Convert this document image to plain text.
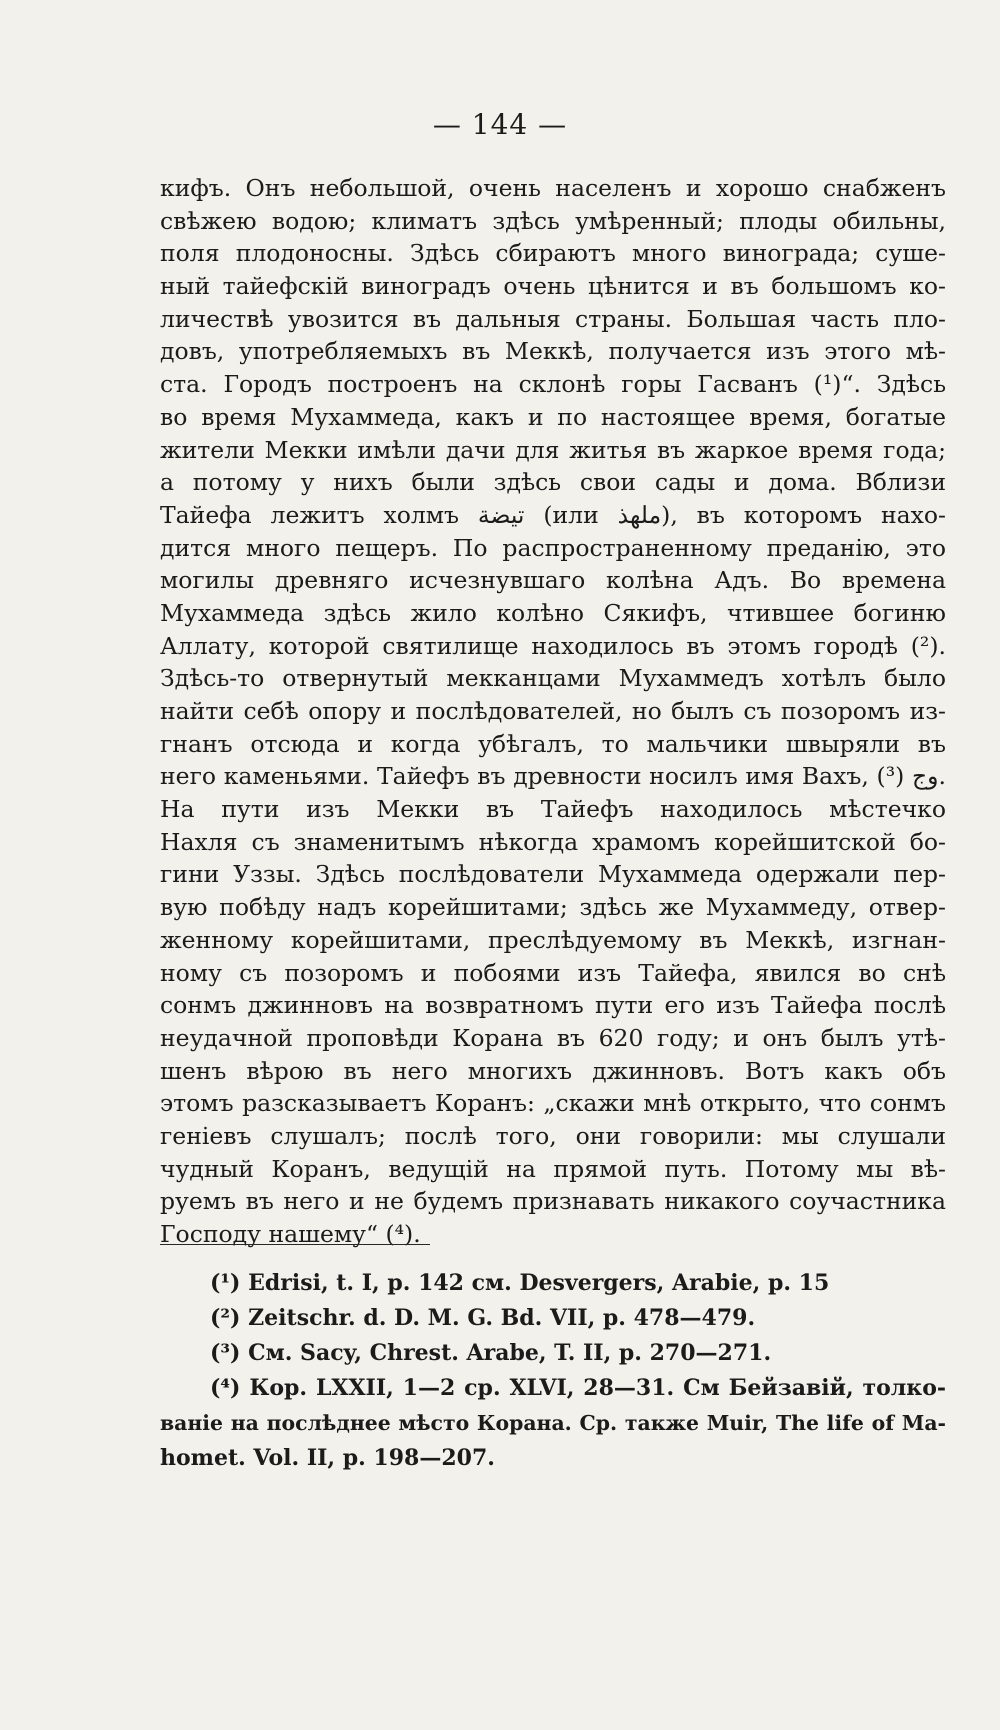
— 144 —
кифъ. Онъ небольшой, очень населенъ и хорошо снабженъ
свѣжею водою; климатъ здѣсь умѣренный; плоды обильны,
поля плодоносны. Здѣсь сбираютъ много винограда; суше-
ный тайефскій виноградъ очень цѣнится и въ большомъ ко-
личествѣ увозится въ дальныя страны. Большая часть пло-
довъ, употребляемыхъ въ Меккѣ, получается изъ этого мѣ-
ста. Городъ построенъ на склонѣ горы Гасванъ (¹)“. Здѣсь
во время Мухаммеда, какъ и по настоящее время, богатые
жители Мекки имѣли дачи для житья въ жаркое время года;
а потому у нихъ были здѣсь свои сады и дома. Вблизи
Тайефа лежитъ холмъ تيضة (или ملهذ), въ которомъ нахо-
дится много пещеръ. По распространенному преданію, это
могилы древняго исчезнувшаго колѣна Адъ. Во времена
Мухаммеда здѣсь жило колѣно Сякифъ, чтившее богиню
Аллату, которой святилище находилось въ этомъ городѣ (²).
Здѣсь-то отвернутый мекканцами Мухаммедъ хотѣлъ было
найти себѣ опору и послѣдователей, но былъ съ позоромъ из-
гнанъ отсюда и когда убѣгалъ, то мальчики швыряли въ
него каменьями. Тайефъ въ древности носилъ имя Вахъ, وج (³).
На пути изъ Мекки въ Тайефъ находилось мѣстечко
Нахля съ знаменитымъ нѣкогда храмомъ корейшитской бо-
гини Уззы. Здѣсь послѣдователи Мухаммеда одержали пер-
вую побѣду надъ корейшитами; здѣсь же Мухаммеду, отвер-
женному корейшитами, преслѣдуемому въ Меккѣ, изгнан-
ному съ позоромъ и побоями изъ Тайефа, явился во снѣ
сонмъ джинновъ на возвратномъ пути его изъ Тайефа послѣ
неудачной проповѣди Корана въ 620 году; и онъ былъ утѣ-
шенъ вѣрою въ него многихъ джинновъ. Вотъ какъ объ
этомъ разсказываетъ Коранъ: „скажи мнѣ открыто, что сонмъ
геніевъ слушалъ; послѣ того, они говорили: мы слушали
чудный Коранъ, ведущій на прямой путь. Потому мы вѣ-
руемъ въ него и не будемъ признавать никакого соучастника
Господу нашему“ (⁴).
(¹) Edrisi, t. I, p. 142 см. Desvergers, Arabie, p. 15
(²) Zeitschr. d. D. M. G. Bd. VII, p. 478—479.
(³) См. Sacy, Chrest. Arabe, T. II, p. 270—271.
(⁴) Кор. LXXII, 1—2 ср. XLVI, 28—31. См Бейзавій, толко-
ваніе на послѣднее мѣсто Корана. Ср. также Muir, The life of Ma-
homet. Vol. II, p. 198—207.
